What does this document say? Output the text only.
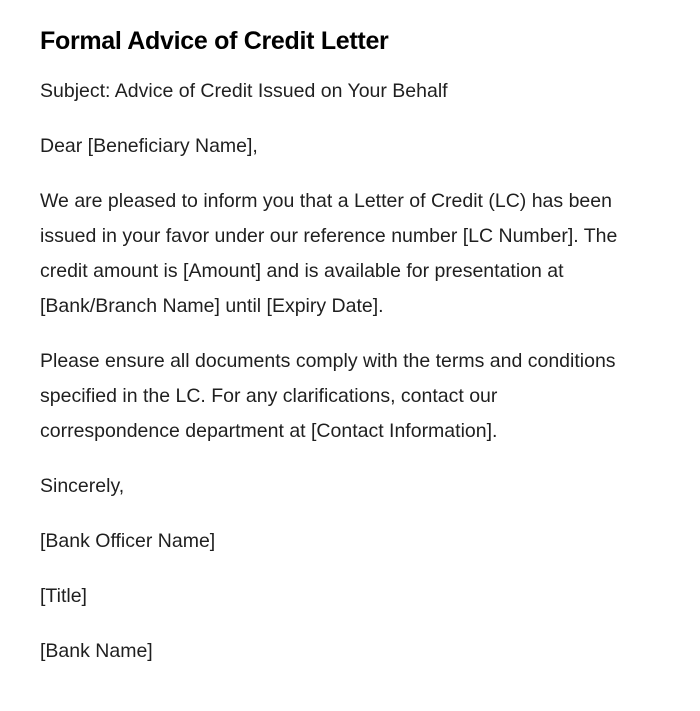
Formal Advice of Credit Letter

Subject: Advice of Credit Issued on Your Behalf

Dear [Beneficiary Name],

We are pleased to inform you that a Letter of Credit (LC) has been issued in your favor under our reference number [LC Number]. The credit amount is [Amount] and is available for presentation at [Bank/Branch Name] until [Expiry Date].

Please ensure all documents comply with the terms and conditions specified in the LC. For any clarifications, contact our correspondence department at [Contact Information].

Sincerely,

[Bank Officer Name]

[Title]

[Bank Name]
